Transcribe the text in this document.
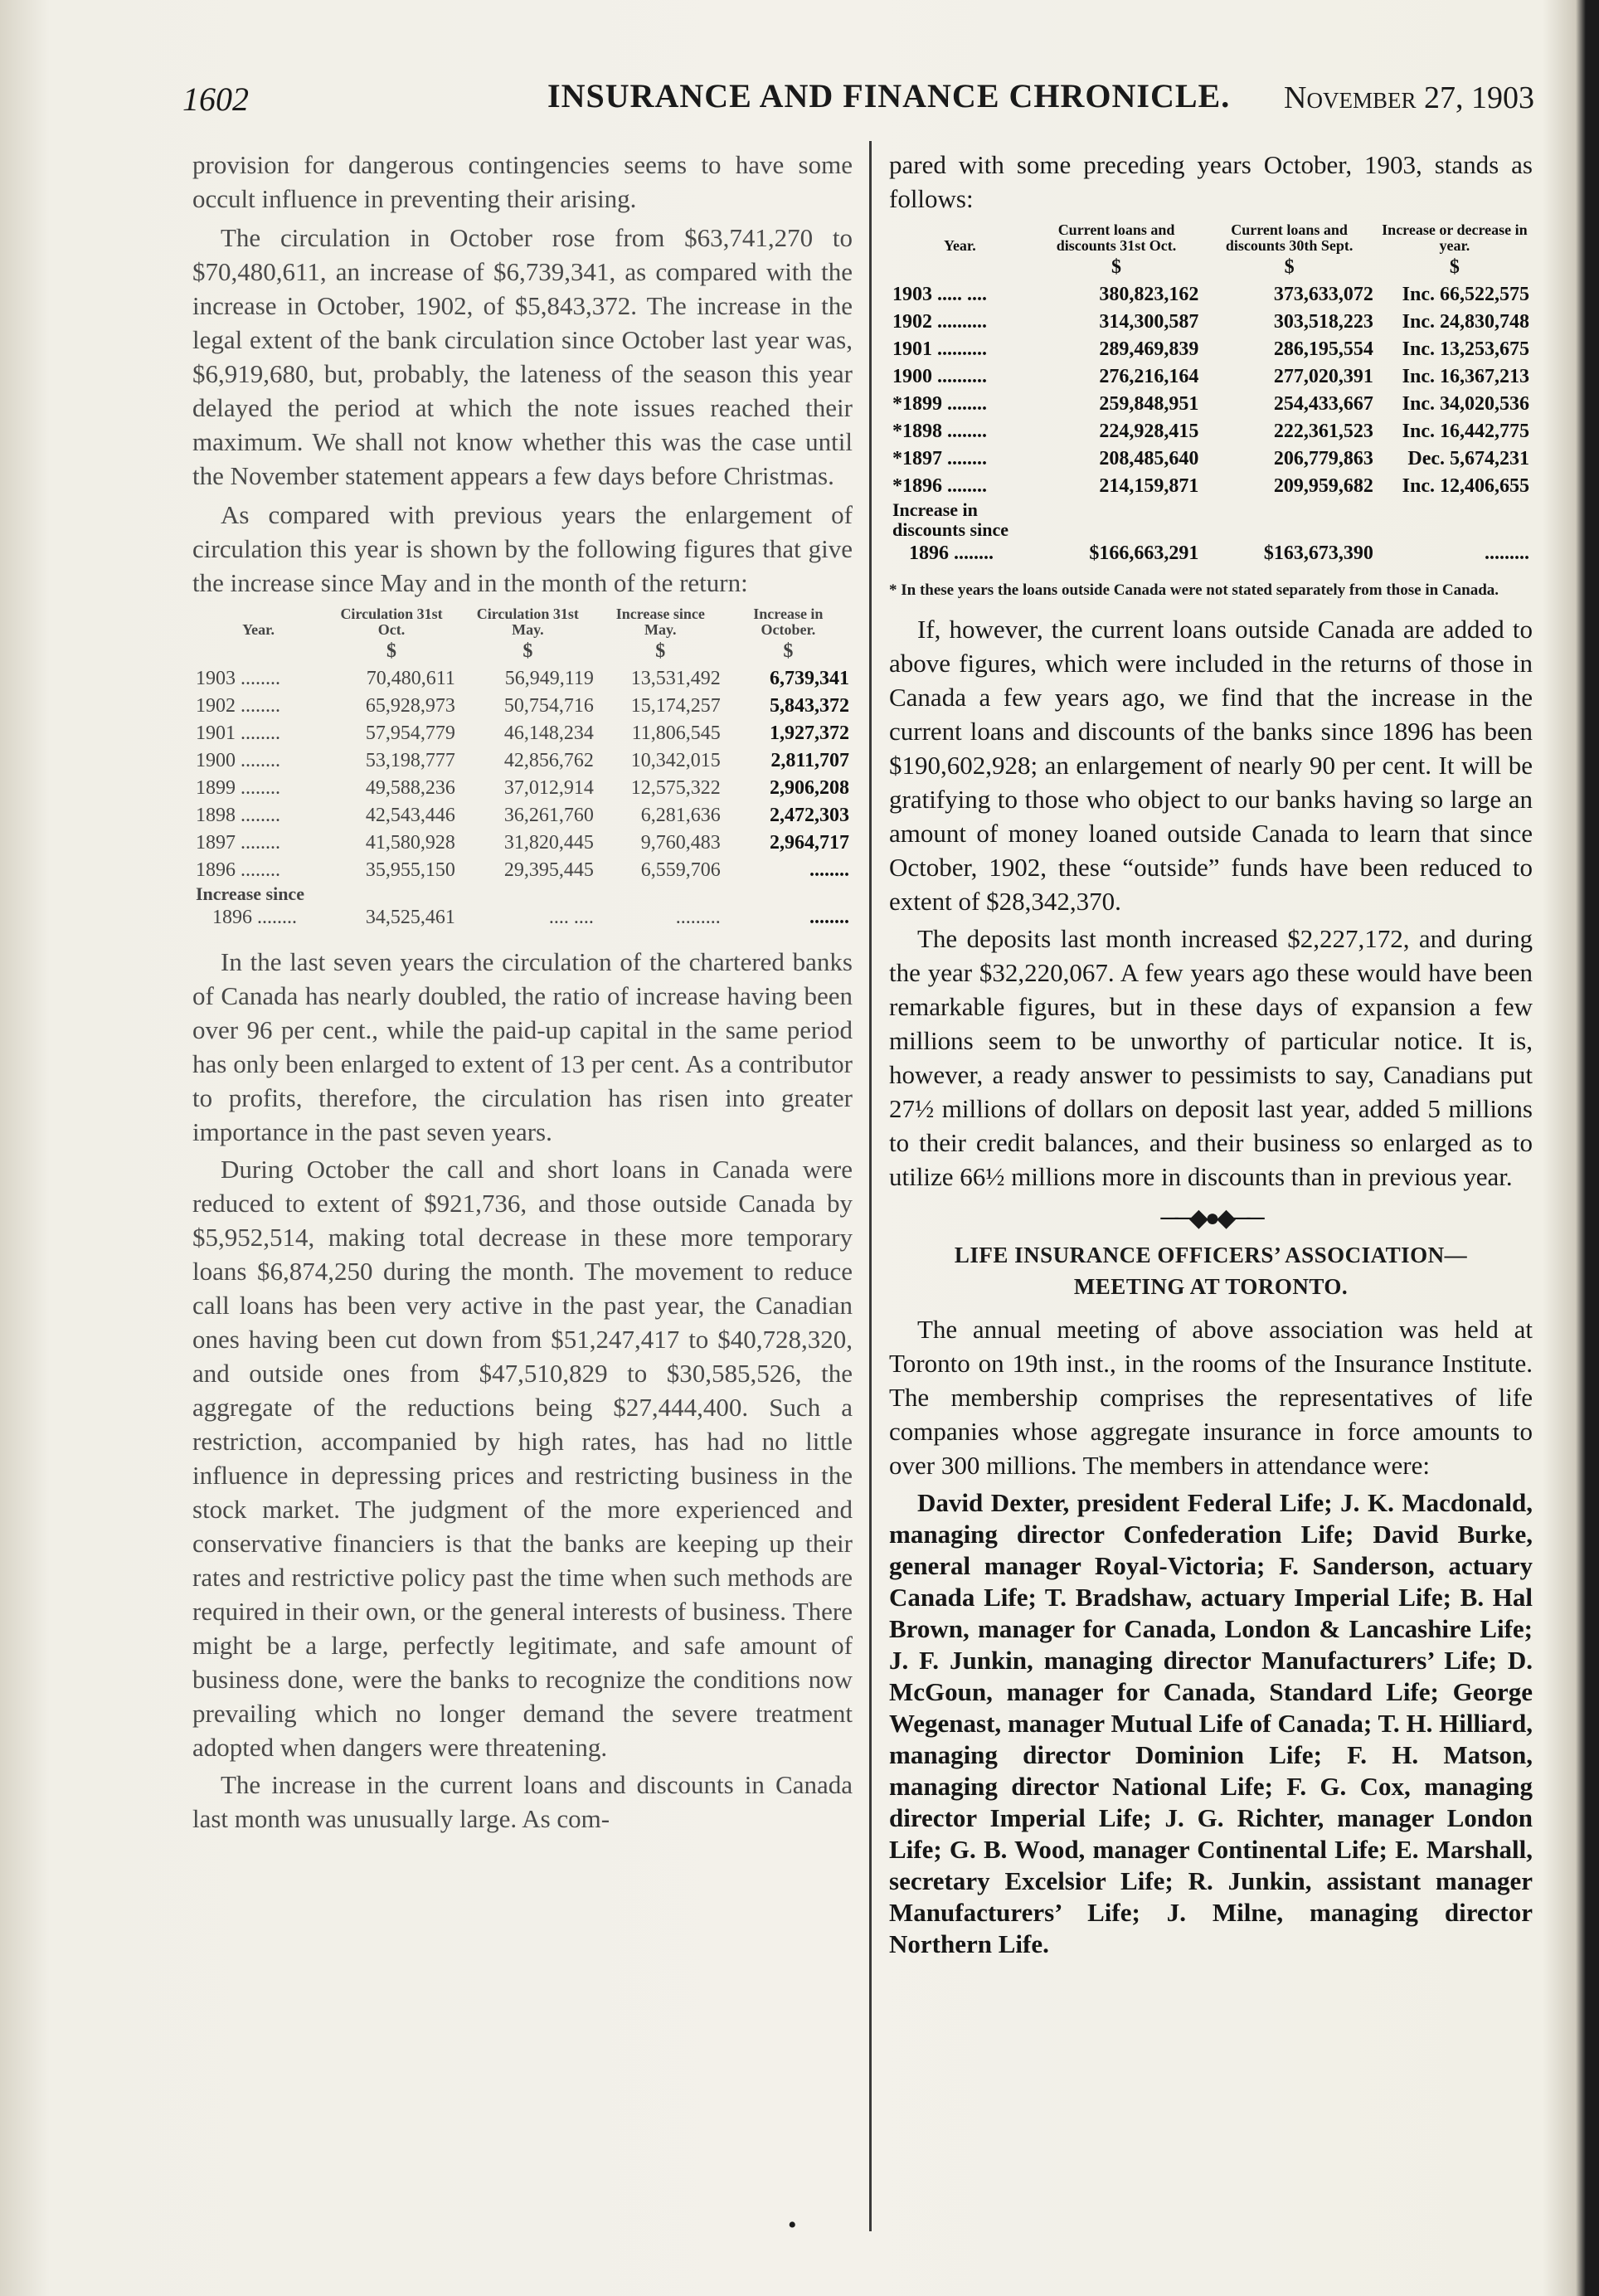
1602	INSURANCE AND FINANCE CHRONICLE. November 27, 1903

provision for dangerous contingencies seems to have some occult influence in preventing their arising.

The circulation in October rose from $63,741,270 to $70,480,611, an increase of $6,739,341, as compared with the increase in October, 1902, of $5,843,372. The increase in the legal extent of the bank circulation since October last year was, $6,919,680, but, probably, the lateness of the season this year delayed the period at which the note issues reached their maximum. We shall not know whether this was the case until the November statement appears a few days before Christmas.

As compared with previous years the enlargement of circulation this year is shown by the following figures that give the increase since May and in the month of the return:

Year.	Circulation 31st Oct.	Circulation 31st May.	Increase since May.	Increase in October.
	$	$	$	$
1903 ........	70,480,611	56,949,119	13,531,492	6,739,341
1902 ........	65,928,973	50,754,716	15,174,257	5,843,372
1901 ........	57,954,779	46,148,234	11,806,545	1,927,372
1900 ........	53,198,777	42,856,762	10,342,015	2,811,707
1899 ........	49,588,236	37,012,914	12,575,322	2,906,208
1898 ........	42,543,446	36,261,760	6,281,636	2,472,303
1897 ........	41,580,928	31,820,445	9,760,483	2,964,717
1896 ........	35,955,150	29,395,445	6,559,706	........
Increase since				
1896 ........	34,525,461	.... ....	.........	........

In the last seven years the circulation of the chartered banks of Canada has nearly doubled, the ratio of increase having been over 96 per cent., while the paid-up capital in the same period has only been enlarged to extent of 13 per cent. As a contributor to profits, therefore, the circulation has risen into greater importance in the past seven years.

During October the call and short loans in Canada were reduced to extent of $921,736, and those outside Canada by $5,952,514, making total decrease in these more temporary loans $6,874,250 during the month. The movement to reduce call loans has been very active in the past year, the Canadian ones having been cut down from $51,247,417 to $40,728,320, and outside ones from $47,510,829 to $30,585,526, the aggregate of the reductions being $27,444,400. Such a restriction, accompanied by high rates, has had no little influence in depressing prices and restricting business in the stock market. The judgment of the more experienced and conservative financiers is that the banks are keeping up their rates and restrictive policy past the time when such methods are required in their own, or the general interests of business. There might be a large, perfectly legitimate, and safe amount of business done, were the banks to recognize the conditions now prevailing which no longer demand the severe treatment adopted when dangers were threatening.

The increase in the current loans and discounts in Canada last month was unusually large. As com-

pared with some preceding years October, 1903, stands as follows:

Year.	Current loans and discounts 31st Oct.	Current loans and discounts 30th Sept.	Increase or decrease in year.
	$	$	$
1903 ..... ....	380,823,162	373,633,072	Inc. 66,522,575
1902 ..........	314,300,587	303,518,223	Inc. 24,830,748
1901 ..........	289,469,839	286,195,554	Inc. 13,253,675
1900 ..........	276,216,164	277,020,391	Inc. 16,367,213
*1899 ........	259,848,951	254,433,667	Inc. 34,020,536
*1898 ........	224,928,415	222,361,523	Inc. 16,442,775
*1897 ........	208,485,640	206,779,863	Dec. 5,674,231
*1896 ........	214,159,871	209,959,682	Inc. 12,406,655
Increase in discounts since			
1896 ........	$166,663,291	$163,673,390	.........
* In these years the loans outside Canada were not stated separately from those in Canada.

If, however, the current loans outside Canada are added to above figures, which were included in the returns of those in Canada a few years ago, we find that the increase in the current loans and discounts of the banks since 1896 has been $190,602,928; an enlargement of nearly 90 per cent. It will be gratifying to those who object to our banks having so large an amount of money loaned outside Canada to learn that since October, 1902, these “outside” funds have been reduced to extent of $28,342,370.

The deposits last month increased $2,227,172, and during the year $32,220,067. A few years ago these would have been remarkable figures, but in these days of expansion a few millions seem to be unworthy of particular notice. It is, however, a ready answer to pessimists to say, Canadians put 27½ millions of dollars on deposit last year, added 5 millions to their credit balances, and their business so enlarged as to utilize 66½ millions more in discounts than in previous year.

──◆●◆──
LIFE INSURANCE OFFICERS’ ASSOCIATION—
MEETING AT TORONTO.

The annual meeting of above association was held at Toronto on 19th inst., in the rooms of the Insurance Institute. The membership comprises the representatives of life companies whose aggregate insurance in force amounts to over 300 millions. The members in attendance were:

David Dexter, president Federal Life; J. K. Macdonald, managing director Confederation Life; David Burke, general manager Royal-Victoria; F. Sanderson, actuary Canada Life; T. Bradshaw, actuary Imperial Life; B. Hal Brown, manager for Canada, London & Lancashire Life; J. F. Junkin, managing director Manufacturers’ Life; D. McGoun, manager for Canada, Standard Life; George Wegenast, manager Mutual Life of Canada; T. H. Hilliard, managing director Dominion Life; F. H. Matson, managing director National Life; F. G. Cox, managing director Imperial Life; J. G. Richter, manager London Life; G. B. Wood, manager Continental Life; E. Marshall, secretary Excelsior Life; R. Junkin, assistant manager Manufacturers’ Life; J. Milne, managing director Northern Life.

•
